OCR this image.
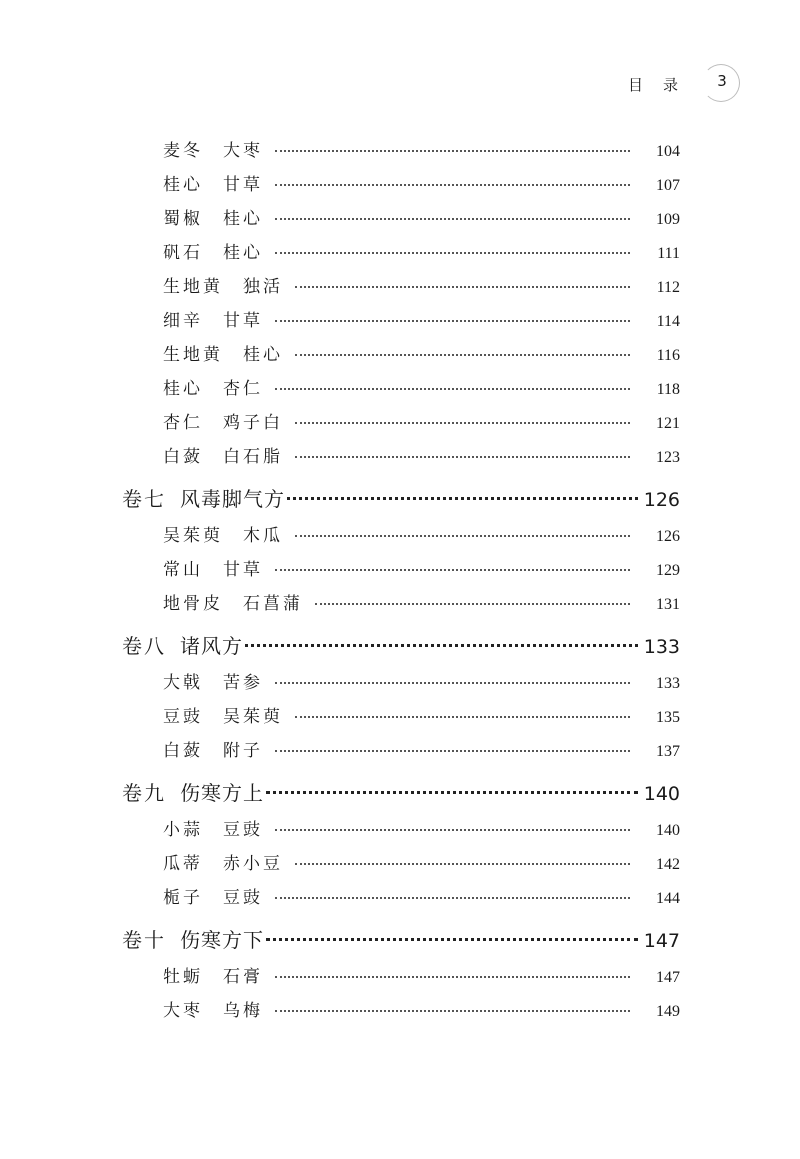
目录	3
麦冬　大枣	104
桂心　甘草	107
蜀椒　桂心	109
矾石　桂心	111
生地黄　独活	112
细辛　甘草	114
生地黄　桂心	116
桂心　杏仁	118
杏仁　鸡子白	121
白蔹　白石脂	123
卷七 风毒脚气方	126
吴茱萸　木瓜	126
常山　甘草	129
地骨皮　石菖蒲	131
卷八 诸风方	133
大戟　苦参	133
豆豉　吴茱萸	135
白蔹　附子	137
卷九 伤寒方上	140
小蒜　豆豉	140
瓜蒂　赤小豆	142
栀子　豆豉	144
卷十 伤寒方下	147
牡蛎　石膏	147
大枣　乌梅	149
